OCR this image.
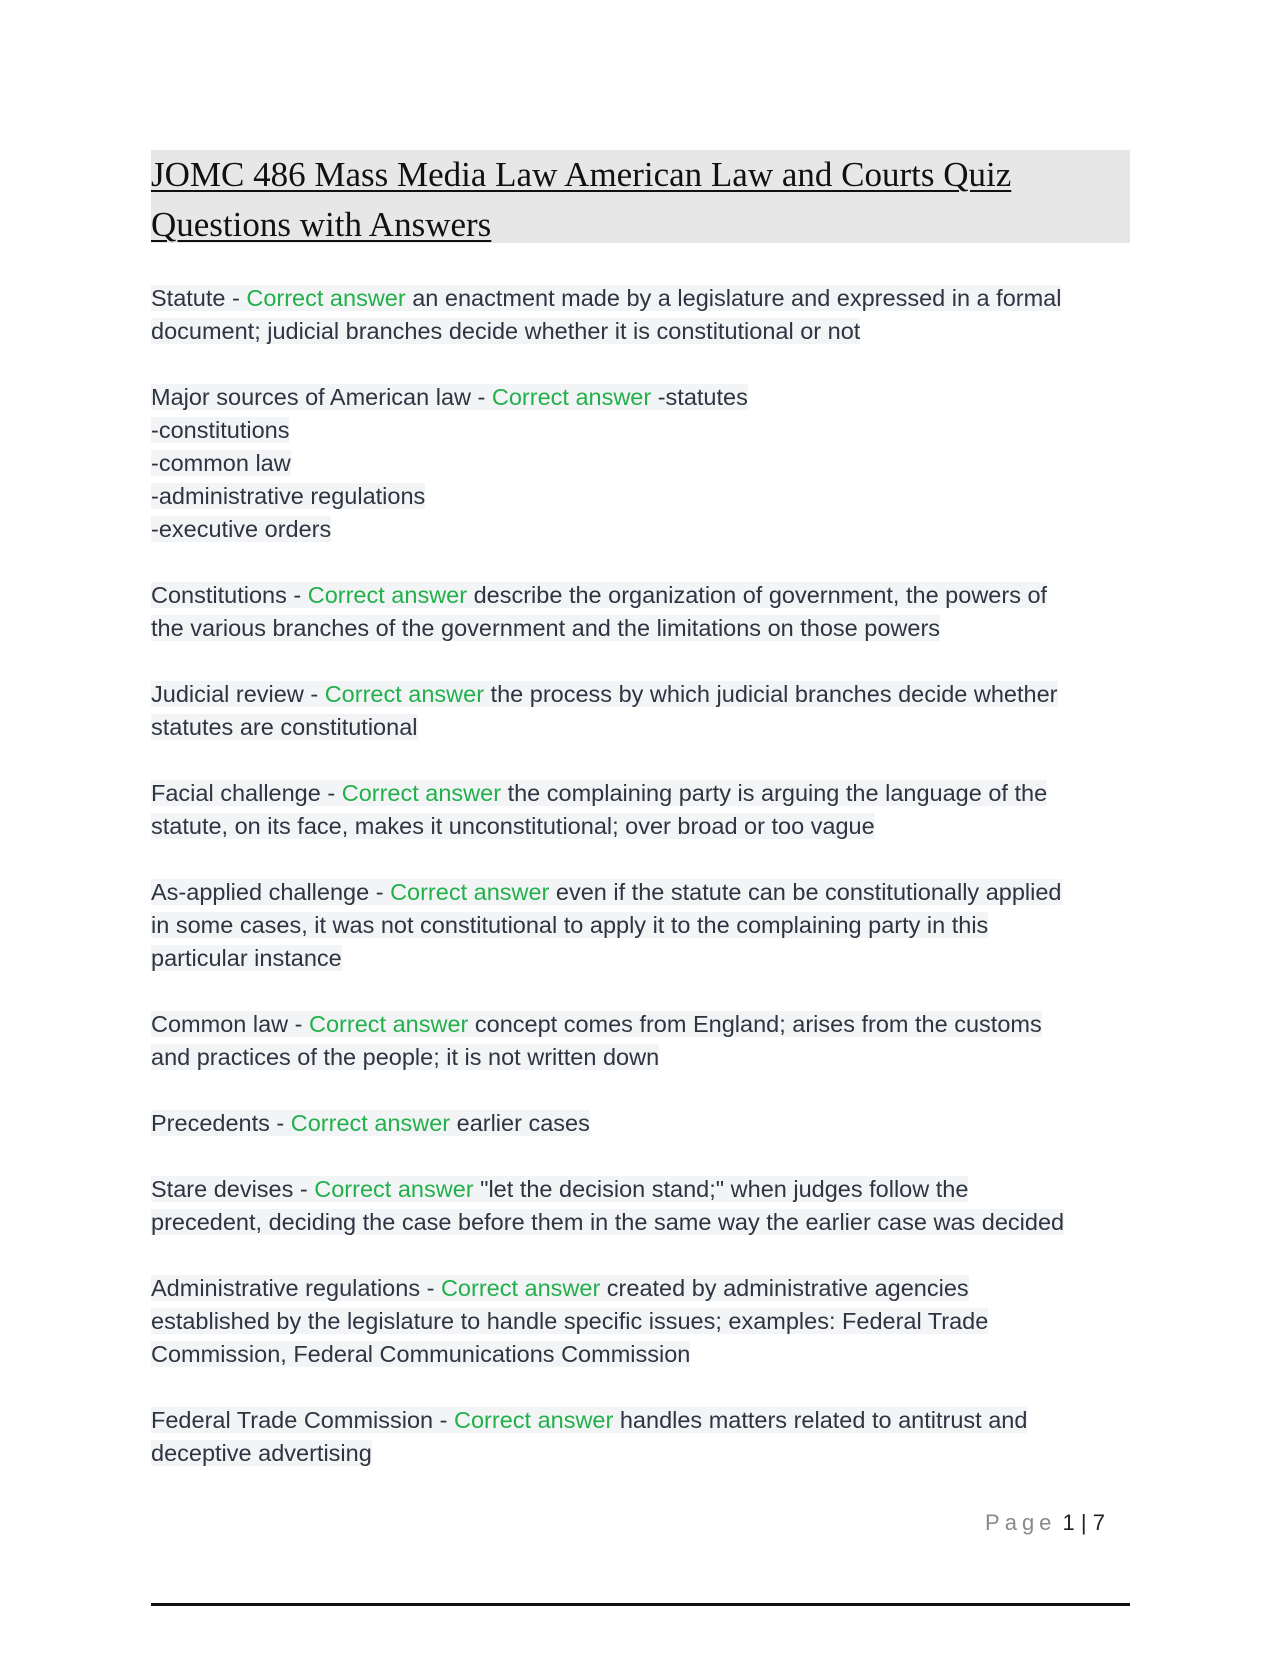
JOMC 486 Mass Media Law American Law and Courts Quiz
Questions with Answers
Statute - Correct answer an enactment made by a legislature and expressed in a formal
document; judicial branches decide whether it is constitutional or not
Major sources of American law - Correct answer -statutes
-constitutions
-common law
-administrative regulations
-executive orders
Constitutions - Correct answer describe the organization of government, the powers of
the various branches of the government and the limitations on those powers
Judicial review - Correct answer the process by which judicial branches decide whether
statutes are constitutional
Facial challenge - Correct answer the complaining party is arguing the language of the
statute, on its face, makes it unconstitutional; over broad or too vague
As-applied challenge - Correct answer even if the statute can be constitutionally applied
in some cases, it was not constitutional to apply it to the complaining party in this
particular instance
Common law - Correct answer concept comes from England; arises from the customs
and practices of the people; it is not written down
Precedents - Correct answer earlier cases
Stare devises - Correct answer "let the decision stand;" when judges follow the
precedent, deciding the case before them in the same way the earlier case was decided
Administrative regulations - Correct answer created by administrative agencies
established by the legislature to handle specific issues; examples: Federal Trade
Commission, Federal Communications Commission
Federal Trade Commission - Correct answer handles matters related to antitrust and
deceptive advertising
Page 1 | 7
